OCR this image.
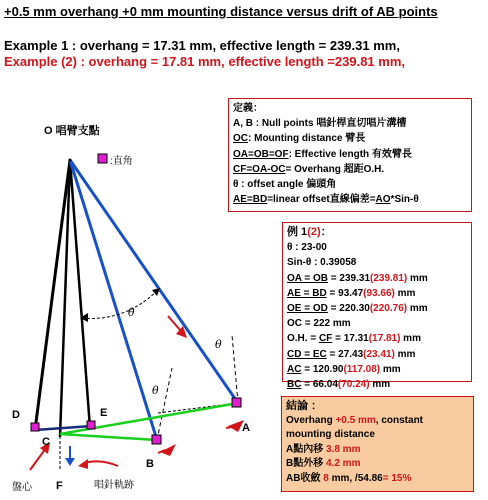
+0.5 mm overhang +0 mm mounting distance versus drift of AB points
Example 1 : overhang = 17.31 mm, effective length = 239.31 mm,
Example (2) : overhang = 17.81 mm, effective length =239.81 mm,
O 唱臂支點
:直角
θ
θ
θ
D	E
C
B
A
F
盤心	唱針軌跡
定義：
A, B : Null points 唱針桿直切唱片溝槽
OC: Mounting distance 臂長
OA=OB=OF: Effective length 有效臂長
CF=OA-OC= Overhang 超距O.H.
θ : offset angle 偏頭角
AE=BD=linear offset直線偏差=AO*Sin-θ
例 1(2)：
θ : 23-00
Sin-θ : 0.39058
OA = OB = 239.31(239.81) mm
AE = BD = 93.47(93.66) mm
OE = OD = 220.30(220.76) mm
OC = 222 mm
O.H. = CF = 17.31(17.81) mm
CD = EC = 27.43(23.41) mm
AC = 120.90(117.08) mm
BC = 66.04(70.24) mm
結論 ：
Overhang +0.5 mm, constant
mounting distance
A點內移 3.8 mm
B點外移 4.2 mm
AB收斂 8 mm, /54.86= 15%
